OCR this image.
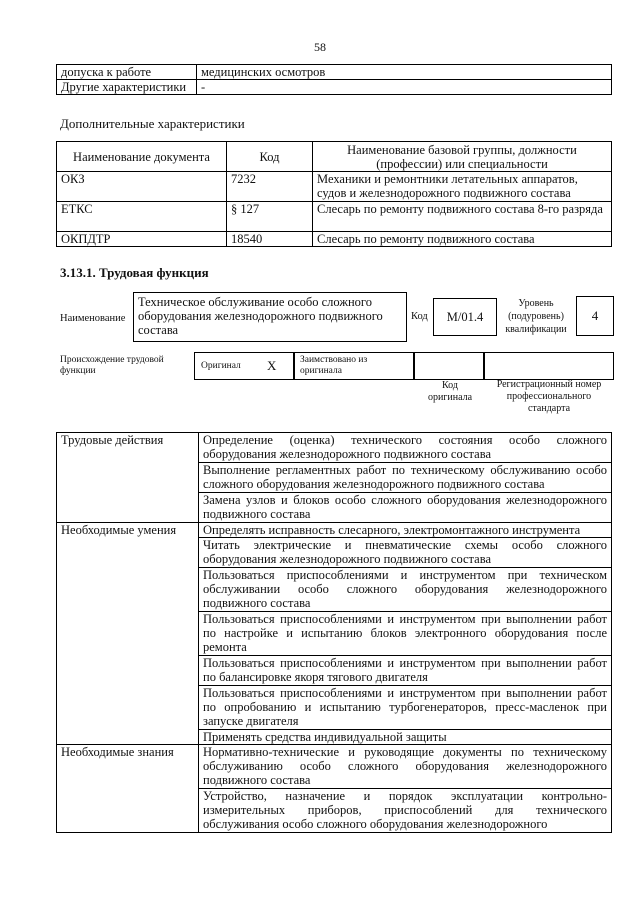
58
допуска к работе	медицинских осмотров
Другие характеристики	-
Дополнительные характеристики
Наименование документа	Код	Наименование базовой группы, должности (профессии) или специальности
ОКЗ	7232	Механики и ремонтники летательных аппаратов, судов и железнодорожного подвижного состава
ЕТКС	§ 127	Слесарь по ремонту подвижного состава 8-го разряда
ОКПДТР	18540	Слесарь по ремонту подвижного состава
3.13.1. Трудовая функция
Наименование
Техническое обслуживание особо сложного оборудования железнодорожного подвижного состава
Код	М/01.4
Уровень (подуровень) квалификации
4
Происхождение трудовой функции	Оригинал X Заимствовано из оригинала
Код оригинала
Регистрационный номер профессионального стандарта
Трудовые действия	Определение (оценка) технического состояния особо сложного оборудования железнодорожного подвижного состава
	Выполнение регламентных работ по техническому обслуживанию особо сложного оборудования железнодорожного подвижного состава
	Замена узлов и блоков особо сложного оборудования железнодорожного подвижного состава
Необходимые умения	Определять исправность слесарного, электромонтажного инструмента
	Читать электрические и пневматические схемы особо сложного оборудования железнодорожного подвижного состава
	Пользоваться приспособлениями и инструментом при техническом обслуживании особо сложного оборудования железнодорожного подвижного состава
	Пользоваться приспособлениями и инструментом при выполнении работ по настройке и испытанию блоков электронного оборудования после ремонта
	Пользоваться приспособлениями и инструментом при выполнении работ по балансировке якоря тягового двигателя
	Пользоваться приспособлениями и инструментом при выполнении работ по опробованию и испытанию турбогенераторов, пресс-масленок при запуске двигателя
	Применять средства индивидуальной защиты
Необходимые знания	Нормативно-технические и руководящие документы по техническому обслуживанию особо сложного оборудования железнодорожного подвижного состава
	Устройство, назначение и порядок эксплуатации контрольно-измерительных приборов, приспособлений для технического обслуживания особо сложного оборудования железнодорожного
